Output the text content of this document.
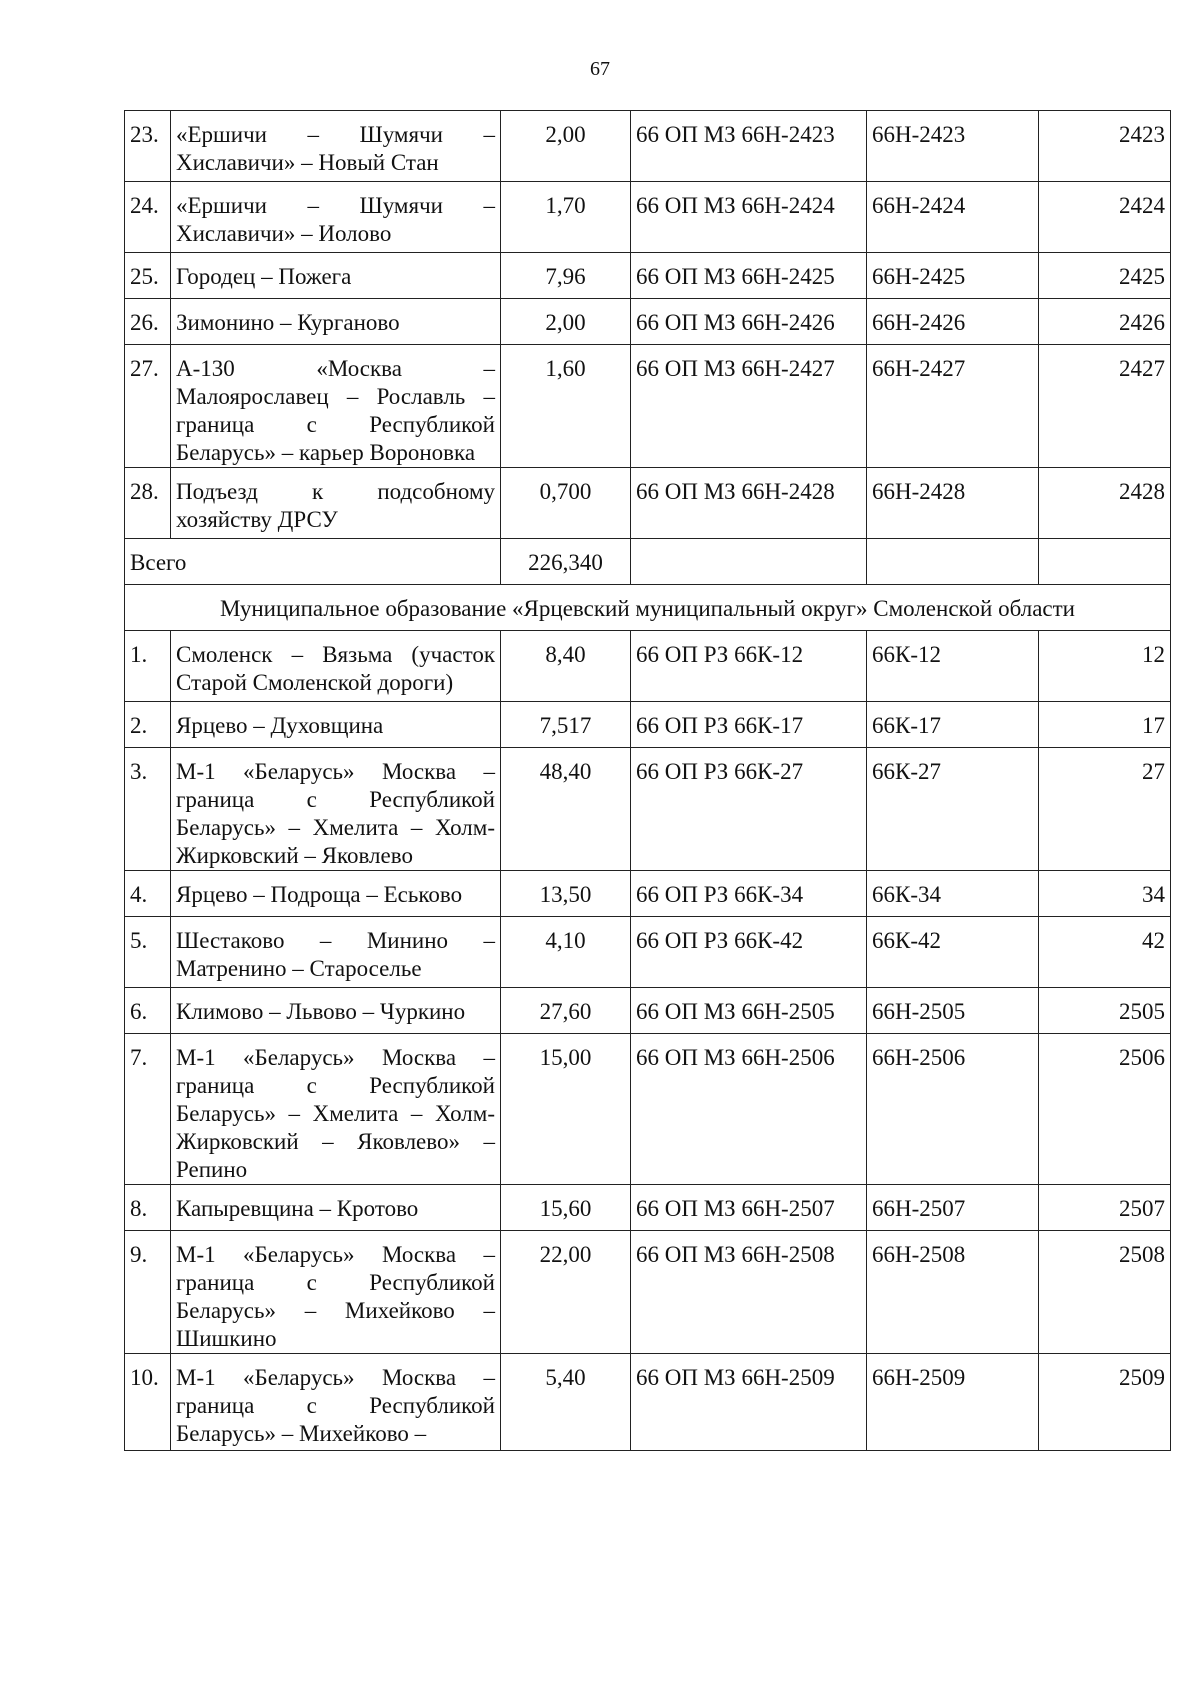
67
23.	«Ершичи – Шумячи – Хиславичи» – Новый Стан	2,00	66 ОП МЗ 66Н-2423	66Н-2423	2423
24.	«Ершичи – Шумячи – Хиславичи» – Иолово	1,70	66 ОП МЗ 66Н-2424	66Н-2424	2424
25.	Городец – Пожега	7,96	66 ОП МЗ 66Н-2425	66Н-2425	2425
26.	Зимонино – Курганово	2,00	66 ОП МЗ 66Н-2426	66Н-2426	2426
27.	А-130 «Москва – Малоярославец – Рославль – граница с Республикой Беларусь» – карьер Вороновка	1,60	66 ОП МЗ 66Н-2427	66Н-2427	2427
28.	Подъезд к подсобному хозяйству ДРСУ	0,700	66 ОП МЗ 66Н-2428	66Н-2428	2428
Всего		226,340			
Муниципальное образование «Ярцевский муниципальный округ» Смоленской области					
1.	Смоленск – Вязьма (участок Старой Смоленской дороги)	8,40	66 ОП РЗ 66К-12	66К-12	12
2.	Ярцево – Духовщина	7,517	66 ОП РЗ 66К-17	66К-17	17
3.	М-1 «Беларусь» Москва – граница с Республикой Беларусь» – Хмелита – Холм-Жирковский – Яковлево	48,40	66 ОП РЗ 66К-27	66К-27	27
4.	Ярцево – Подроща – Еськово	13,50	66 ОП РЗ 66К-34	66К-34	34
5.	Шестаково – Минино – Матренино – Староселье	4,10	66 ОП РЗ 66К-42	66К-42	42
6.	Климово – Львово – Чуркино	27,60	66 ОП МЗ 66Н-2505	66Н-2505	2505
7.	М-1 «Беларусь» Москва – граница с Республикой Беларусь» – Хмелита – Холм-Жирковский – Яковлево» – Репино	15,00	66 ОП МЗ 66Н-2506	66Н-2506	2506
8.	Капыревщина – Кротово	15,60	66 ОП МЗ 66Н-2507	66Н-2507	2507
9.	М-1 «Беларусь» Москва – граница с Республикой Беларусь» – Михейково – Шишкино	22,00	66 ОП МЗ 66Н-2508	66Н-2508	2508
10.	М-1 «Беларусь» Москва – граница с Республикой Беларусь» – Михейково –	5,40	66 ОП МЗ 66Н-2509	66Н-2509	2509
